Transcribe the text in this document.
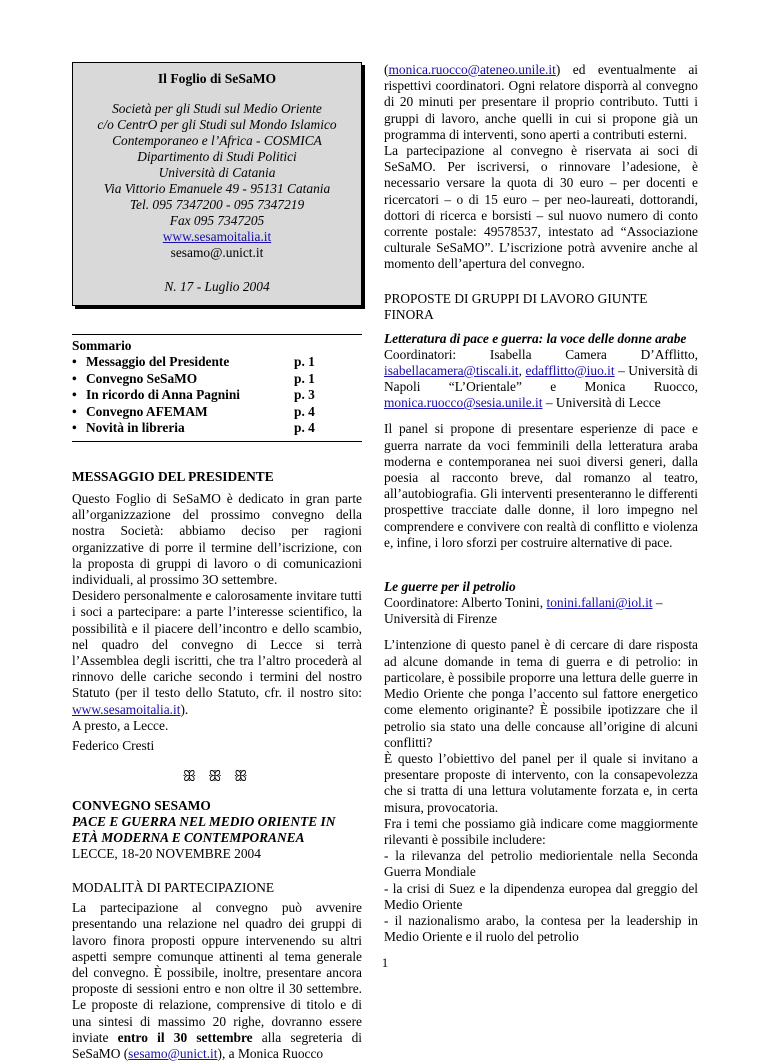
Il Foglio di SeSaMO
Società per gli Studi sul Medio Oriente
c/o CentrO per gli Studi sul Mondo Islamico
Contemporaneo e l’Africa - COSMICA
Dipartimento di Studi Politici
Università di Catania
Via Vittorio Emanuele 49 - 95131 Catania
Tel. 095 7347200 - 095 7347219
Fax 095 7347205
www.sesamoitalia.it
sesamo@.unict.it
N. 17 - Luglio 2004
Sommario
• Messaggio del Presidente	p. 1
• Convegno SeSaMO	p. 1
• In ricordo di Anna Pagnini	p. 3
• Convegno AFEMAM	p. 4
• Novità in libreria	p. 4
MESSAGGIO DEL PRESIDENTE

Questo Foglio di SeSaMO è dedicato in gran parte all’organizzazione del prossimo convegno della nostra Società: abbiamo deciso per ragioni organizzative di porre il termine dell’iscrizione, con la proposta di gruppi di lavoro o di comunicazioni individuali, al prossimo 3O settembre.

Desidero personalmente e calorosamente invitare tutti i soci a partecipare: a parte l’interesse scientifico, la possibilità e il piacere dell’incontro e dello scambio, nel quadro del convegno di Lecce si terrà l’Assemblea degli iscritti, che tra l’altro procederà al rinnovo delle cariche secondo i termini del nostro Statuto (per il testo dello Statuto, cfr. il nostro sito: www.sesamoitalia.it).

A presto, a Lecce.

Federico Cresti

ꕥ ꕥ ꕥ
CONVEGNO SESAMO

PACE E GUERRA NEL MEDIO ORIENTE IN ETÀ MODERNA E CONTEMPORANEA

LECCE, 18-20 NOVEMBRE 2004

MODALITÀ DI PARTECIPAZIONE

La partecipazione al convegno può avvenire presentando una relazione nel quadro dei gruppi di lavoro finora proposti oppure intervenendo su altri aspetti sempre comunque attinenti al tema generale del convegno. È possibile, inoltre, presentare ancora proposte di sessioni entro e non oltre il 30 settembre. Le proposte di relazione, comprensive di titolo e di una sintesi di massimo 20 righe, dovranno essere inviate entro il 30 settembre alla segreteria di SeSaMO (sesamo@unict.it), a Monica Ruocco

(monica.ruocco@ateneo.unile.it) ed eventualmente ai rispettivi coordinatori. Ogni relatore disporrà al convegno di 20 minuti per presentare il proprio contributo. Tutti i gruppi di lavoro, anche quelli in cui si propone già un programma di interventi, sono aperti a contributi esterni.

La partecipazione al convegno è riservata ai soci di SeSaMO. Per iscriversi, o rinnovare l’adesione, è necessario versare la quota di 30 euro – per docenti e ricercatori – o di 15 euro – per neo-laureati, dottorandi, dottori di ricerca e borsisti – sul nuovo numero di conto corrente postale: 49578537, intestato ad “Associazione culturale SeSaMO”. L’iscrizione potrà avvenire anche al momento dell’apertura del convegno.

PROPOSTE DI GRUPPI DI LAVORO GIUNTE FINORA

Letteratura di pace e guerra: la voce delle donne arabe

Coordinatori: Isabella Camera D’Afflitto, isabellacamera@tiscali.it, edafflitto@iuo.it – Università di Napoli “L’Orientale” e Monica Ruocco, monica.ruocco@sesia.unile.it – Università di Lecce

Il panel si propone di presentare esperienze di pace e guerra narrate da voci femminili della letteratura araba moderna e contemporanea nei suoi diversi generi, dalla poesia al racconto breve, dal romanzo al teatro, all’autobiografia. Gli interventi presenteranno le differenti prospettive tracciate dalle donne, il loro impegno nel comprendere e convivere con realtà di conflitto e violenza e, infine, i loro sforzi per costruire alternative di pace.

Le guerre per il petrolio

Coordinatore: Alberto Tonini, tonini.fallani@iol.it – Università di Firenze

L’intenzione di questo panel è di cercare di dare risposta ad alcune domande in tema di guerra e di petrolio: in particolare, è possibile proporre una lettura delle guerre in Medio Oriente che ponga l’accento sul fattore energetico come elemento originante? È possibile ipotizzare che il petrolio sia stato una delle concause all’origine di alcuni conflitti?

È questo l’obiettivo del panel per il quale si invitano a presentare proposte di intervento, con la consapevolezza che si tratta di una lettura volutamente forzata e, in certa misura, provocatoria.

Fra i temi che possiamo già indicare come maggiormente rilevanti è possibile includere:

- la rilevanza del petrolio mediorientale nella Seconda Guerra Mondiale

- la crisi di Suez e la dipendenza europea dal greggio del Medio Oriente

- il nazionalismo arabo, la contesa per la leadership in Medio Oriente e il ruolo del petrolio

1
